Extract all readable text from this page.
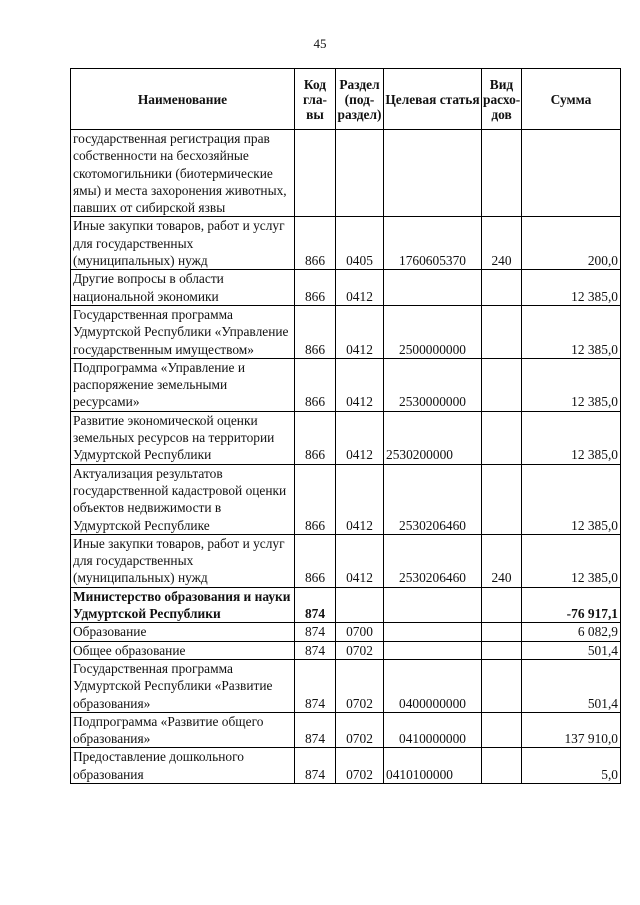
45
Наименование	Код гла-вы	Раздел (под-раздел)	Целевая статья	Вид расхо-дов	Сумма
государственная регистрация прав собственности на бесхозяйные скотомогильники (биотермические ямы) и места захоронения животных, павших от сибирской язвы					
Иные закупки товаров, работ и услуг для государственных (муниципальных) нужд	866	0405	1760605370	240	200,0
Другие вопросы в области национальной экономики	866	0412			12 385,0
Государственная программа Удмуртской Республики «Управление государственным имуществом»	866	0412	2500000000		12 385,0
Подпрограмма «Управление и распоряжение земельными ресурсами»	866	0412	2530000000		12 385,0
Развитие экономической оценки земельных ресурсов на территории Удмуртской Республики	866	0412	2530200000		12 385,0
Актуализация результатов государственной кадастровой оценки объектов недвижимости в Удмуртской Республике	866	0412	2530206460		12 385,0
Иные закупки товаров, работ и услуг для государственных (муниципальных) нужд	866	0412	2530206460	240	12 385,0
Министерство образования и науки Удмуртской Республики	874				-76 917,1
Образование	874	0700			6 082,9
Общее образование	874	0702			501,4
Государственная программа Удмуртской Республики «Развитие образования»	874	0702	0400000000		501,4
Подпрограмма «Развитие общего образования»	874	0702	0410000000		137 910,0
Предоставление дошкольного образования	874	0702	0410100000		5,0
